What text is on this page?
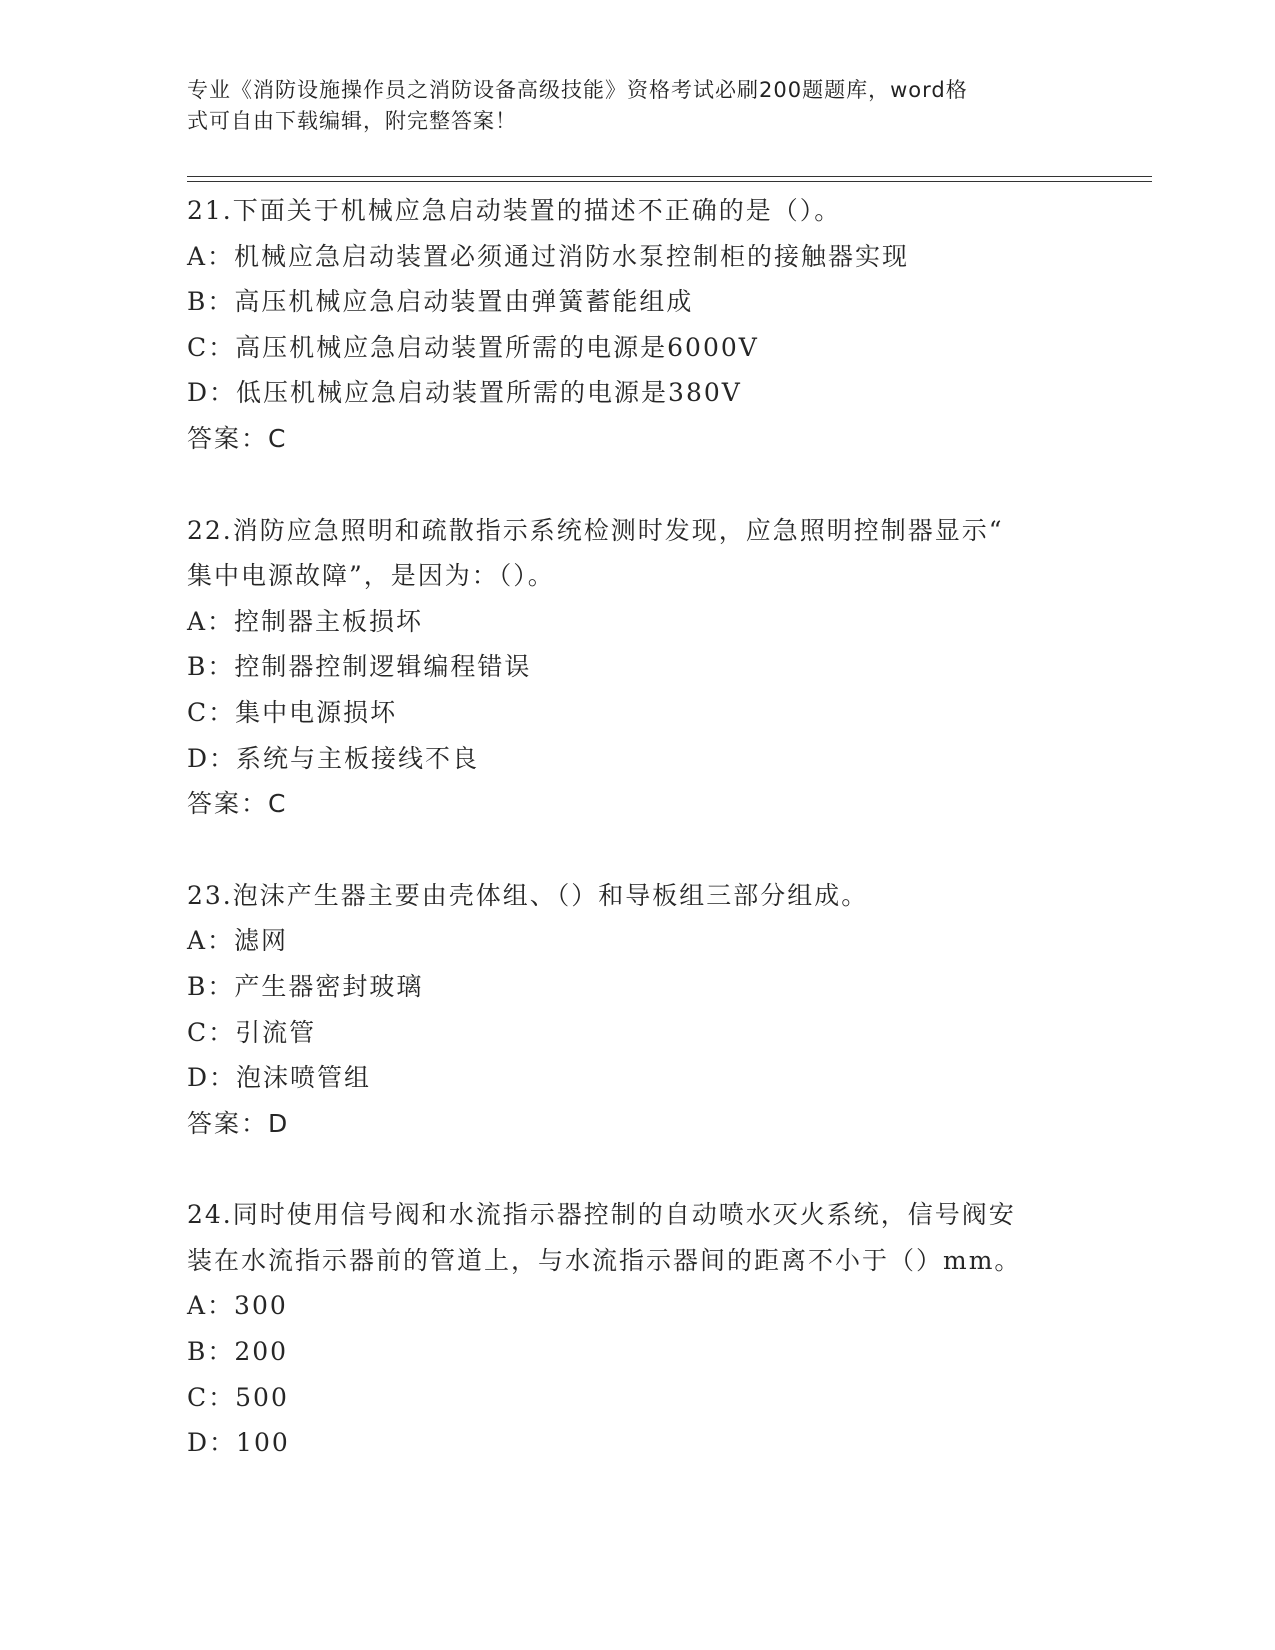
专业《消防设施操作员之消防设备高级技能》资格考试必刷200题题库，word格
式可自由下载编辑，附完整答案！
21.下面关于机械应急启动装置的描述不正确的是（）。
A：机械应急启动装置必须通过消防水泵控制柜的接触器实现
B：高压机械应急启动装置由弹簧蓄能组成
C：高压机械应急启动装置所需的电源是6000V
D：低压机械应急启动装置所需的电源是380V
答案：C
22.消防应急照明和疏散指示系统检测时发现，应急照明控制器显示“
集中电源故障”，是因为：（）。
A：控制器主板损坏
B：控制器控制逻辑编程错误
C：集中电源损坏
D：系统与主板接线不良
答案：C
23.泡沫产生器主要由壳体组、（）和导板组三部分组成。
A：滤网
B：产生器密封玻璃
C：引流管
D：泡沫喷管组
答案：D
24.同时使用信号阀和水流指示器控制的自动喷水灭火系统，信号阀安
装在水流指示器前的管道上，与水流指示器间的距离不小于（）mm。
A：300
B：200
C：500
D：100
